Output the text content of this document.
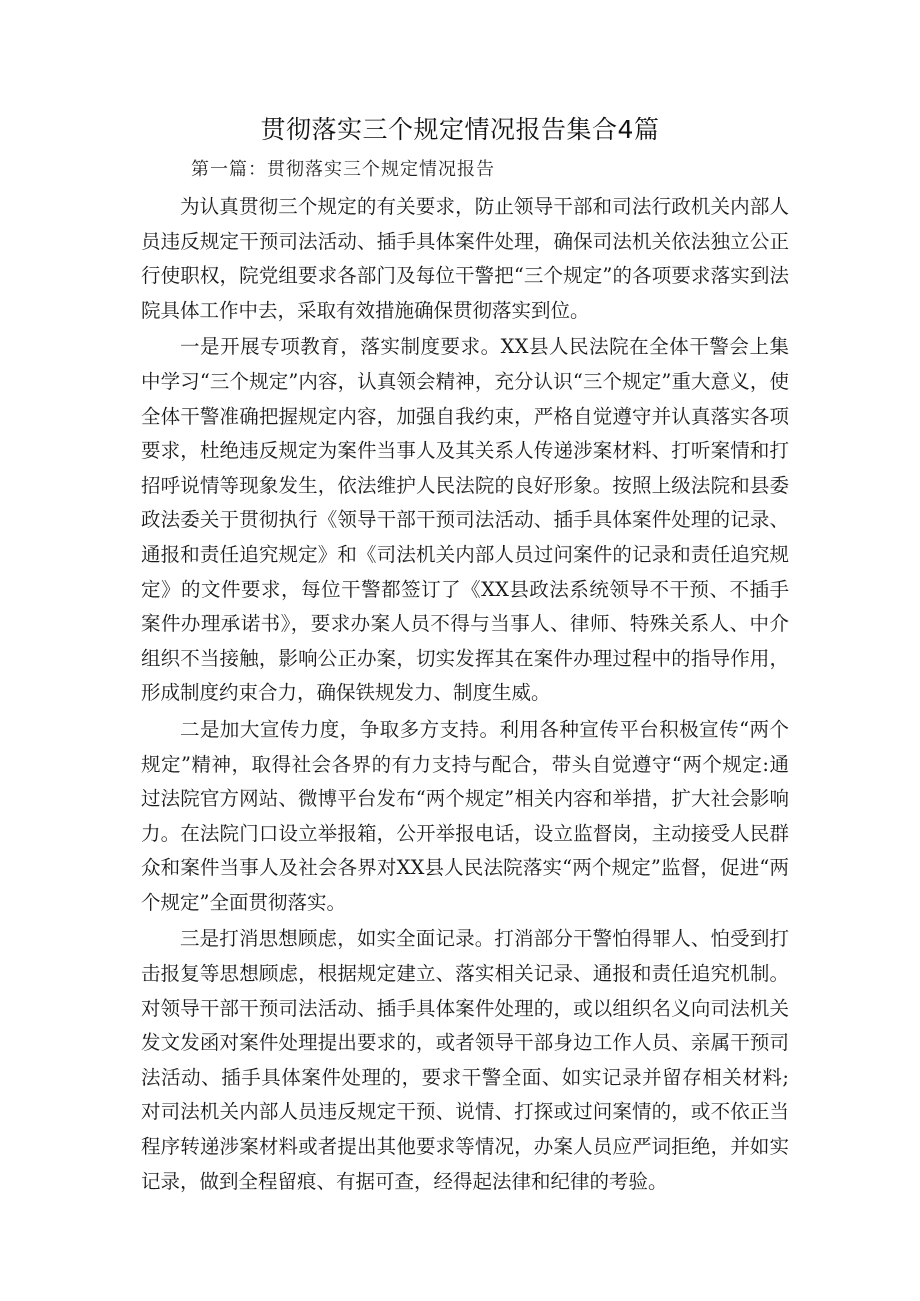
贯彻落实三个规定情况报告集合4篇
第一篇：贯彻落实三个规定情况报告

为认真贯彻三个规定的有关要求，防止领导干部和司法行政机关内部人员违反规定干预司法活动、插手具体案件处理，确保司法机关依法独立公正行使职权，院党组要求各部门及每位干警把“三个规定”的各项要求落实到法院具体工作中去，采取有效措施确保贯彻落实到位。

一是开展专项教育，落实制度要求。XX县人民法院在全体干警会上集中学习“三个规定”内容，认真领会精神，充分认识“三个规定”重大意义，使全体干警准确把握规定内容，加强自我约束，严格自觉遵守并认真落实各项要求，杜绝违反规定为案件当事人及其关系人传递涉案材料、打听案情和打招呼说情等现象发生，依法维护人民法院的良好形象。按照上级法院和县委政法委关于贯彻执行《领导干部干预司法活动、插手具体案件处理的记录、通报和责任追究规定》和《司法机关内部人员过问案件的记录和责任追究规定》的文件要求，每位干警都签订了《XX县政法系统领导不干预、不插手案件办理承诺书》，要求办案人员不得与当事人、律师、特殊关系人、中介组织不当接触，影响公正办案，切实发挥其在案件办理过程中的指导作用，形成制度约束合力，确保铁规发力、制度生威。

二是加大宣传力度，争取多方支持。利用各种宣传平台积极宣传“两个规定”精神，取得社会各界的有力支持与配合，带头自觉遵守“两个规定:通过法院官方网站、微博平台发布“两个规定”相关内容和举措，扩大社会影响力。在法院门口设立举报箱，公开举报电话，设立监督岗，主动接受人民群众和案件当事人及社会各界对XX县人民法院落实“两个规定”监督，促进“两个规定”全面贯彻落实。

三是打消思想顾虑，如实全面记录。打消部分干警怕得罪人、怕受到打击报复等思想顾虑，根据规定建立、落实相关记录、通报和责任追究机制。对领导干部干预司法活动、插手具体案件处理的，或以组织名义向司法机关发文发函对案件处理提出要求的，或者领导干部身边工作人员、亲属干预司法活动、插手具体案件处理的，要求干警全面、如实记录并留存相关材料;对司法机关内部人员违反规定干预、说情、打探或过问案情的，或不依正当程序转递涉案材料或者提出其他要求等情况，办案人员应严词拒绝，并如实记录，做到全程留痕、有据可查，经得起法律和纪律的考验。
